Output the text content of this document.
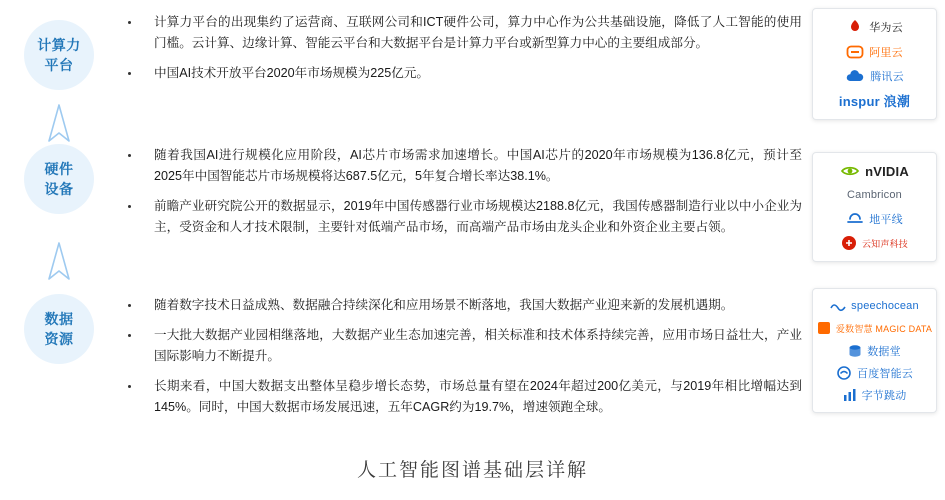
计算力
平台
硬件
设备
数据
资源
计算力平台的出现集约了运营商、互联网公司和ICT硬件公司，算力中心作为公共基础设施，降低了人工智能的使用门槛。云计算、边缘计算、智能云平台和大数据平台是计算力平台或新型算力中心的主要组成部分。
中国AI技术开放平台2020年市场规模为225亿元。
随着我国AI进行规模化应用阶段，AI芯片市场需求加速增长。中国AI芯片的2020年市场规模为136.8亿元，预计至2025年中国智能芯片市场规模将达687.5亿元，5年复合增长率达38.1%。
前瞻产业研究院公开的数据显示，2019年中国传感器行业市场规模达2188.8亿元，我国传感器制造行业以中小企业为主，受资金和人才技术限制，主要针对低端产品市场，而高端产品市场由龙头企业和外资企业主要占领。
随着数字技术日益成熟、数据融合持续深化和应用场景不断落地，我国大数据产业迎来新的发展机遇期。
一大批大数据产业园相继落地，大数据产业生态加速完善，相关标准和技术体系持续完善，应用市场日益壮大，产业国际影响力不断提升。
长期来看，中国大数据支出整体呈稳步增长态势，市场总量有望在2024年超过200亿美元，与2019年相比增幅达到145%。同时，中国大数据市场发展迅速，五年CAGR约为19.7%，增速领跑全球。
华为云
阿里云
腾讯云
inspur 浪潮
nVIDIA
Cambricon
地平线
云知声科技
speechocean
爱数智慧 MAGIC DATA
数据堂
百度智能云
字节跳动
人工智能图谱基础层详解
